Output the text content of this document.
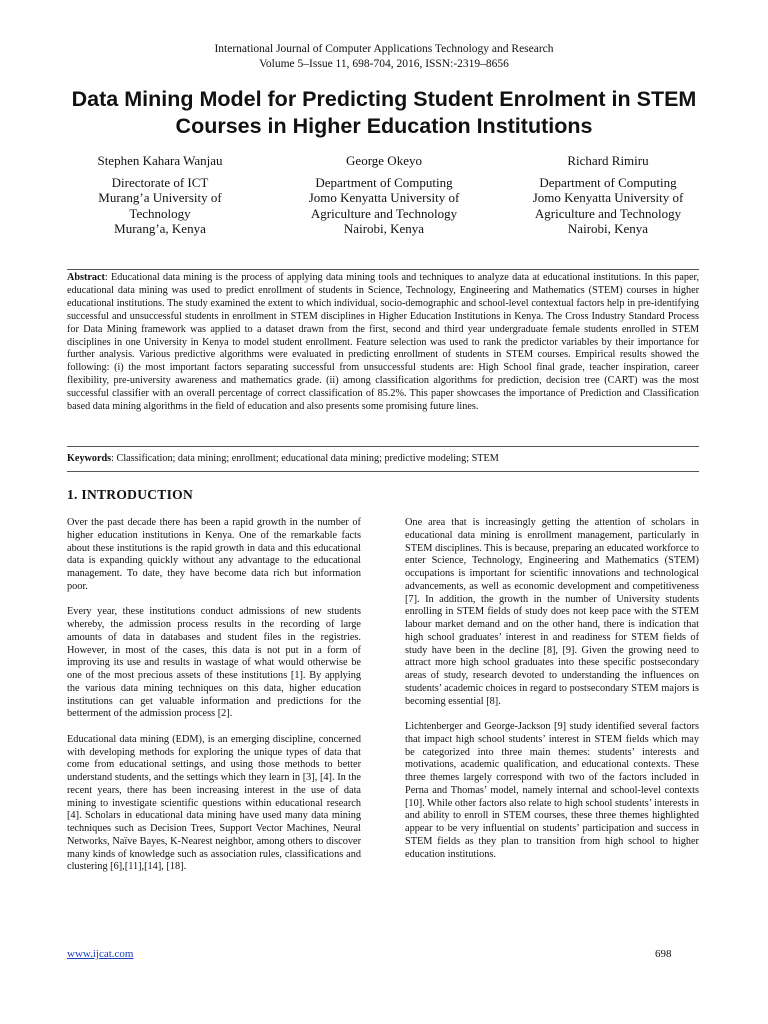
International Journal of Computer Applications Technology and Research
Volume 5–Issue 11, 698-704, 2016, ISSN:-2319–8656
Data Mining Model for Predicting Student Enrolment in STEM Courses in Higher Education Institutions
Stephen Kahara Wanjau
Directorate of ICT
Murang’a University of
Technology
Murang’a, Kenya
George Okeyo
Department of Computing
Jomo Kenyatta University of
Agriculture and Technology
Nairobi, Kenya
Richard Rimiru
Department of Computing
Jomo Kenyatta University of
Agriculture and Technology
Nairobi, Kenya
Abstract: Educational data mining is the process of applying data mining tools and techniques to analyze data at educational institutions. In this paper, educational data mining was used to predict enrollment of students in Science, Technology, Engineering and Mathematics (STEM) courses in higher educational institutions. The study examined the extent to which individual, socio-demographic and school-level contextual factors help in pre-identifying successful and unsuccessful students in enrollment in STEM disciplines in Higher Education Institutions in Kenya. The Cross Industry Standard Process for Data Mining framework was applied to a dataset drawn from the first, second and third year undergraduate female students enrolled in STEM disciplines in one University in Kenya to model student enrollment. Feature selection was used to rank the predictor variables by their importance for further analysis. Various predictive algorithms were evaluated in predicting enrollment of students in STEM courses. Empirical results showed the following: (i) the most important factors separating successful from unsuccessful students are: High School final grade, teacher inspiration, career flexibility, pre-university awareness and mathematics grade. (ii) among classification algorithms for prediction, decision tree (CART) was the most successful classifier with an overall percentage of correct classification of 85.2%. This paper showcases the importance of Prediction and Classification based data mining algorithms in the field of education and also presents some promising future lines.
Keywords: Classification; data mining; enrollment; educational data mining; predictive modeling; STEM
1. INTRODUCTION

Over the past decade there has been a rapid growth in the number of higher education institutions in Kenya. One of the remarkable facts about these institutions is the rapid growth in data and this educational data is expanding quickly without any advantage to the educational management. To date, they have become data rich but information poor.

Every year, these institutions conduct admissions of new students whereby, the admission process results in the recording of large amounts of data in databases and student files in the registries. However, in most of the cases, this data is not put in a form of improving its use and results in wastage of what would otherwise be one of the most precious assets of these institutions [1]. By applying the various data mining techniques on this data, higher education institutions can get valuable information and predictions for the betterment of the admission process [2].

Educational data mining (EDM), is an emerging discipline, concerned with developing methods for exploring the unique types of data that come from educational settings, and using those methods to better understand students, and the settings which they learn in [3], [4]. In the recent years, there has been increasing interest in the use of data mining to investigate scientific questions within educational research [4]. Scholars in educational data mining have used many data mining techniques such as Decision Trees, Support Vector Machines, Neural Networks, Naïve Bayes, K-Nearest neighbor, among others to discover many kinds of knowledge such as association rules, classifications and clustering [6],[11],[14], [18].

One area that is increasingly getting the attention of scholars in educational data mining is enrollment management, particularly in STEM disciplines. This is because, preparing an educated workforce to enter Science, Technology, Engineering and Mathematics (STEM) occupations is important for scientific innovations and technological advancements, as well as economic development and competitiveness [7]. In addition, the growth in the number of University students enrolling in STEM fields of study does not keep pace with the STEM labour market demand and on the other hand, there is indication that high school graduates’ interest in and readiness for STEM fields of study have been in the decline [8], [9]. Given the growing need to attract more high school graduates into these specific postsecondary areas of study, research devoted to understanding the influences on students’ academic choices in regard to postsecondary STEM majors is becoming essential [8].

Lichtenberger and George-Jackson [9] study identified several factors that impact high school students’ interest in STEM fields which may be categorized into three main themes: students’ interests and motivations, academic qualification, and educational contexts. These three themes largely correspond with two of the factors included in Perna and Thomas’ model, namely internal and school-level contexts [10]. While other factors also relate to high school students’ interests in and ability to enroll in STEM courses, these three themes highlighted appear to be very influential on students’ participation and success in STEM fields as they plan to transition from high school to higher education institutions.

www.ijcat.com	698
